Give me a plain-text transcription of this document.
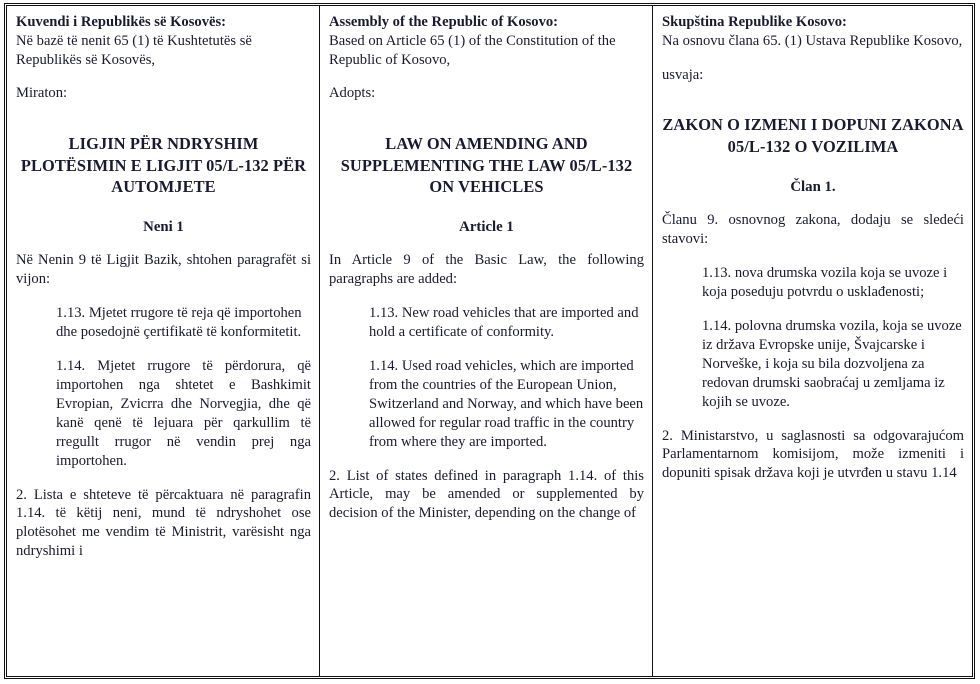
Kuvendi i Republikës së Kosovës:

Në bazë të nenit 65 (1) të Kushtetutës së Republikës së Kosovës,

Miraton:

LIGJIN PËR NDRYSHIM PLOTËSIMIN E LIGJIT 05/L-132 PËR AUTOMJETE

Neni 1

Në Nenin 9 të Ligjit Bazik, shtohen paragrafët si vijon:

1.13. Mjetet rrugore të reja që importohen dhe posedojnë çertifikatë të konformitetit.

1.14. Mjetet rrugore të përdorura, që importohen nga shtetet e Bashkimit Evropian, Zvicrra dhe Norvegjia, dhe që kanë qenë të lejuara për qarkullim të rregullt rrugor në vendin prej nga importohen.

2. Lista e shteteve të përcaktuara në paragrafin 1.14. të këtij neni, mund të ndryshohet ose plotësohet me vendim të Ministrit, varësisht nga ndryshimi i

Assembly of the Republic of Kosovo:

Based on Article 65 (1) of the Constitution of the Republic of Kosovo,

Adopts:

LAW ON AMENDING AND SUPPLEMENTING THE LAW 05/L-132 ON VEHICLES

Article 1

In Article 9 of the Basic Law, the following paragraphs are added:

1.13. New road vehicles that are imported and hold a certificate of conformity.

1.14. Used road vehicles, which are imported from the countries of the European Union, Switzerland and Norway, and which have been allowed for regular road traffic in the country from where they are imported.

2. List of states defined in paragraph 1.14. of this Article, may be amended or supplemented by decision of the Minister, depending on the change of

Skupština Republike Kosovo:

Na osnovu člana 65. (1) Ustava Republike Kosovo,

usvaja:

ZAKON O IZMENI I DOPUNI ZAKONA 05/L-132 O VOZILIMA

Član 1.

Članu 9. osnovnog zakona, dodaju se sledeći stavovi:

1.13. nova drumska vozila koja se uvoze i koja poseduju potvrdu o usklađenosti;

1.14. polovna drumska vozila, koja se uvoze iz država Evropske unije, Švajcarske i Norveške, i koja su bila dozvoljena za redovan drumski saobraćaj u zemljama iz kojih se uvoze.

2. Ministarstvo, u saglasnosti sa odgovarajućom Parlamentarnom komisijom, može izmeniti i dopuniti spisak država koji je utvrđen u stavu 1.14
